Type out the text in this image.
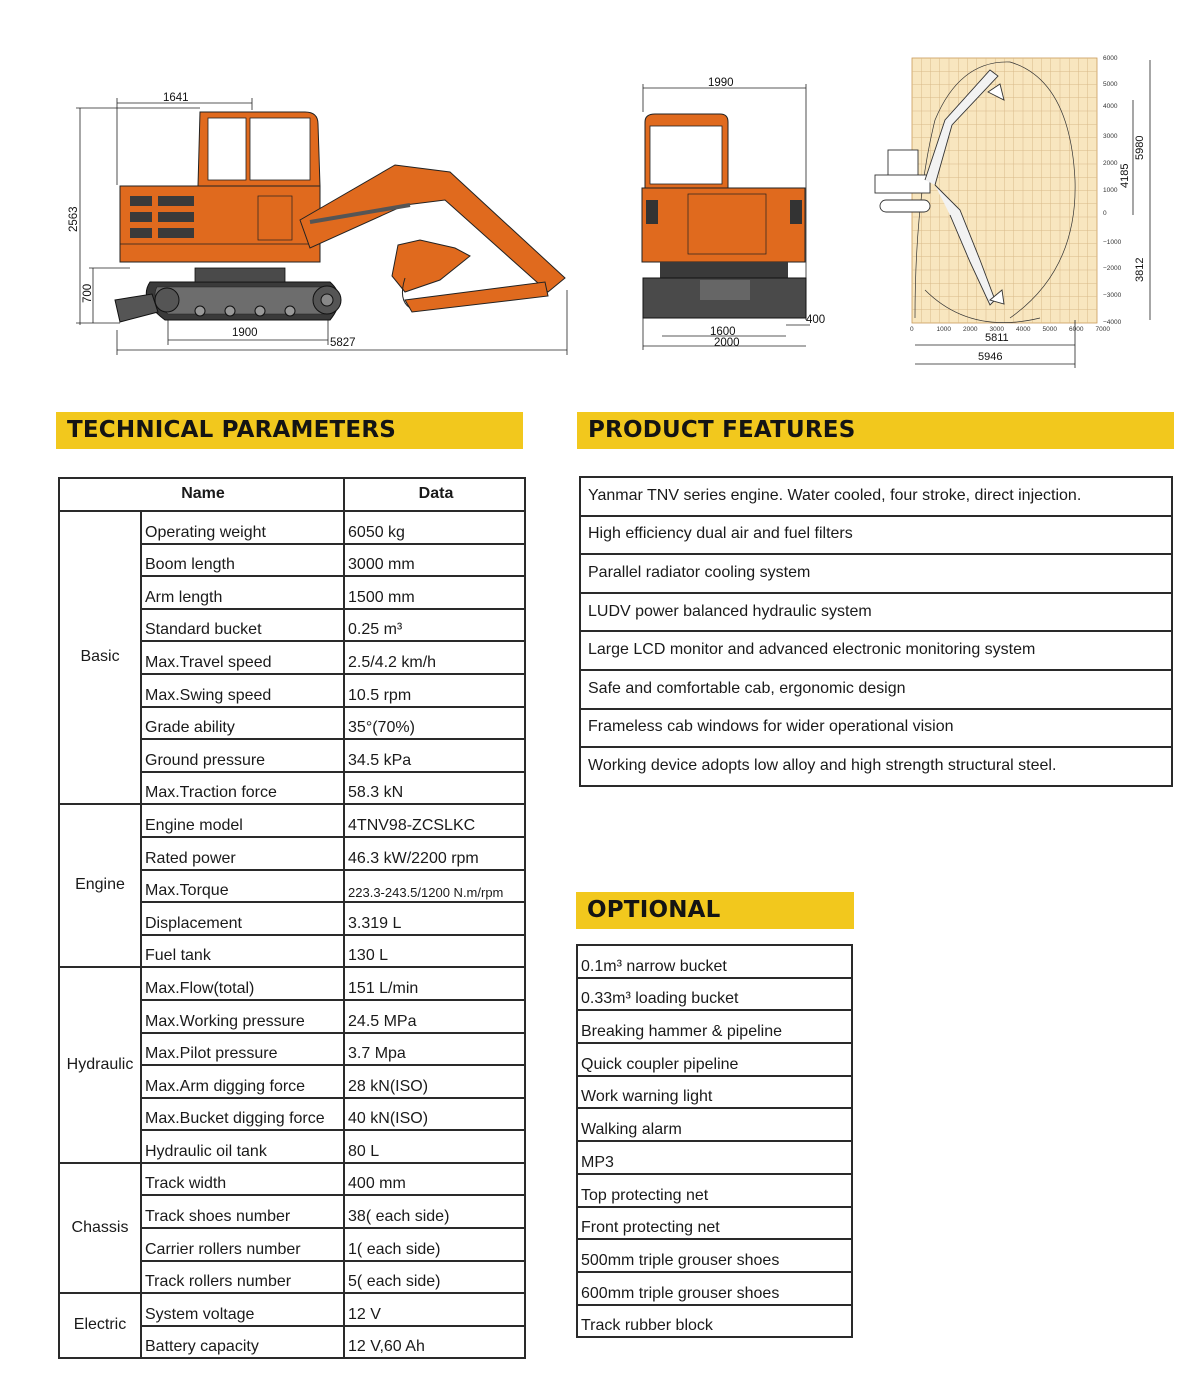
1641
2563
700
1900
5827
1990
400
1600
2000
5980
4185
3812
5811
5946
6000
5000
4000
3000
2000
1000
0
−1000
−2000
−3000
−4000
0	1000 2000 3000 4000 5000 6000 7000
TECHNICAL PARAMETERS	PRODUCT FEATURES
OPTIONAL
Name		Data
Basic	Operating weight	6050 kg
	Boom length	3000 mm
	Arm length	1500 mm
	Standard bucket	0.25 m³
	Max.Travel speed	2.5/4.2 km/h
	Max.Swing speed	10.5 rpm
	Grade ability	35°(70%)
	Ground pressure	34.5 kPa
	Max.Traction force	58.3 kN
Engine	Engine model	4TNV98-ZCSLKC
	Rated power	46.3 kW/2200 rpm
	Max.Torque	223.3-243.5/1200 N.m/rpm
	Displacement	3.319 L
	Fuel tank	130 L
Hydraulic	Max.Flow(total)	151 L/min
	Max.Working pressure	24.5 MPa
	Max.Pilot pressure	3.7 Mpa
	Max.Arm digging force	28 kN(ISO)
	Max.Bucket digging force	40 kN(ISO)
	Hydraulic oil tank	80 L
Chassis	Track width	400 mm
	Track shoes number	38( each side)
	Carrier rollers number	1( each side)
	Track rollers number	5( each side)
Electric	System voltage	12 V
	Battery capacity	12 V,60 Ah
Yanmar TNV series engine. Water cooled, four stroke, direct injection.
High efficiency dual air and fuel filters
Parallel radiator cooling system
LUDV power balanced hydraulic system
Large LCD monitor and advanced electronic monitoring system
Safe and comfortable cab, ergonomic design
Frameless cab windows for wider operational vision
Working device adopts low alloy and high strength structural steel.
0.1m³ narrow bucket
0.33m³ loading bucket
Breaking hammer & pipeline
Quick coupler pipeline
Work warning light
Walking alarm
MP3
Top protecting net
Front protecting net
500mm triple grouser shoes
600mm triple grouser shoes
Track rubber block
